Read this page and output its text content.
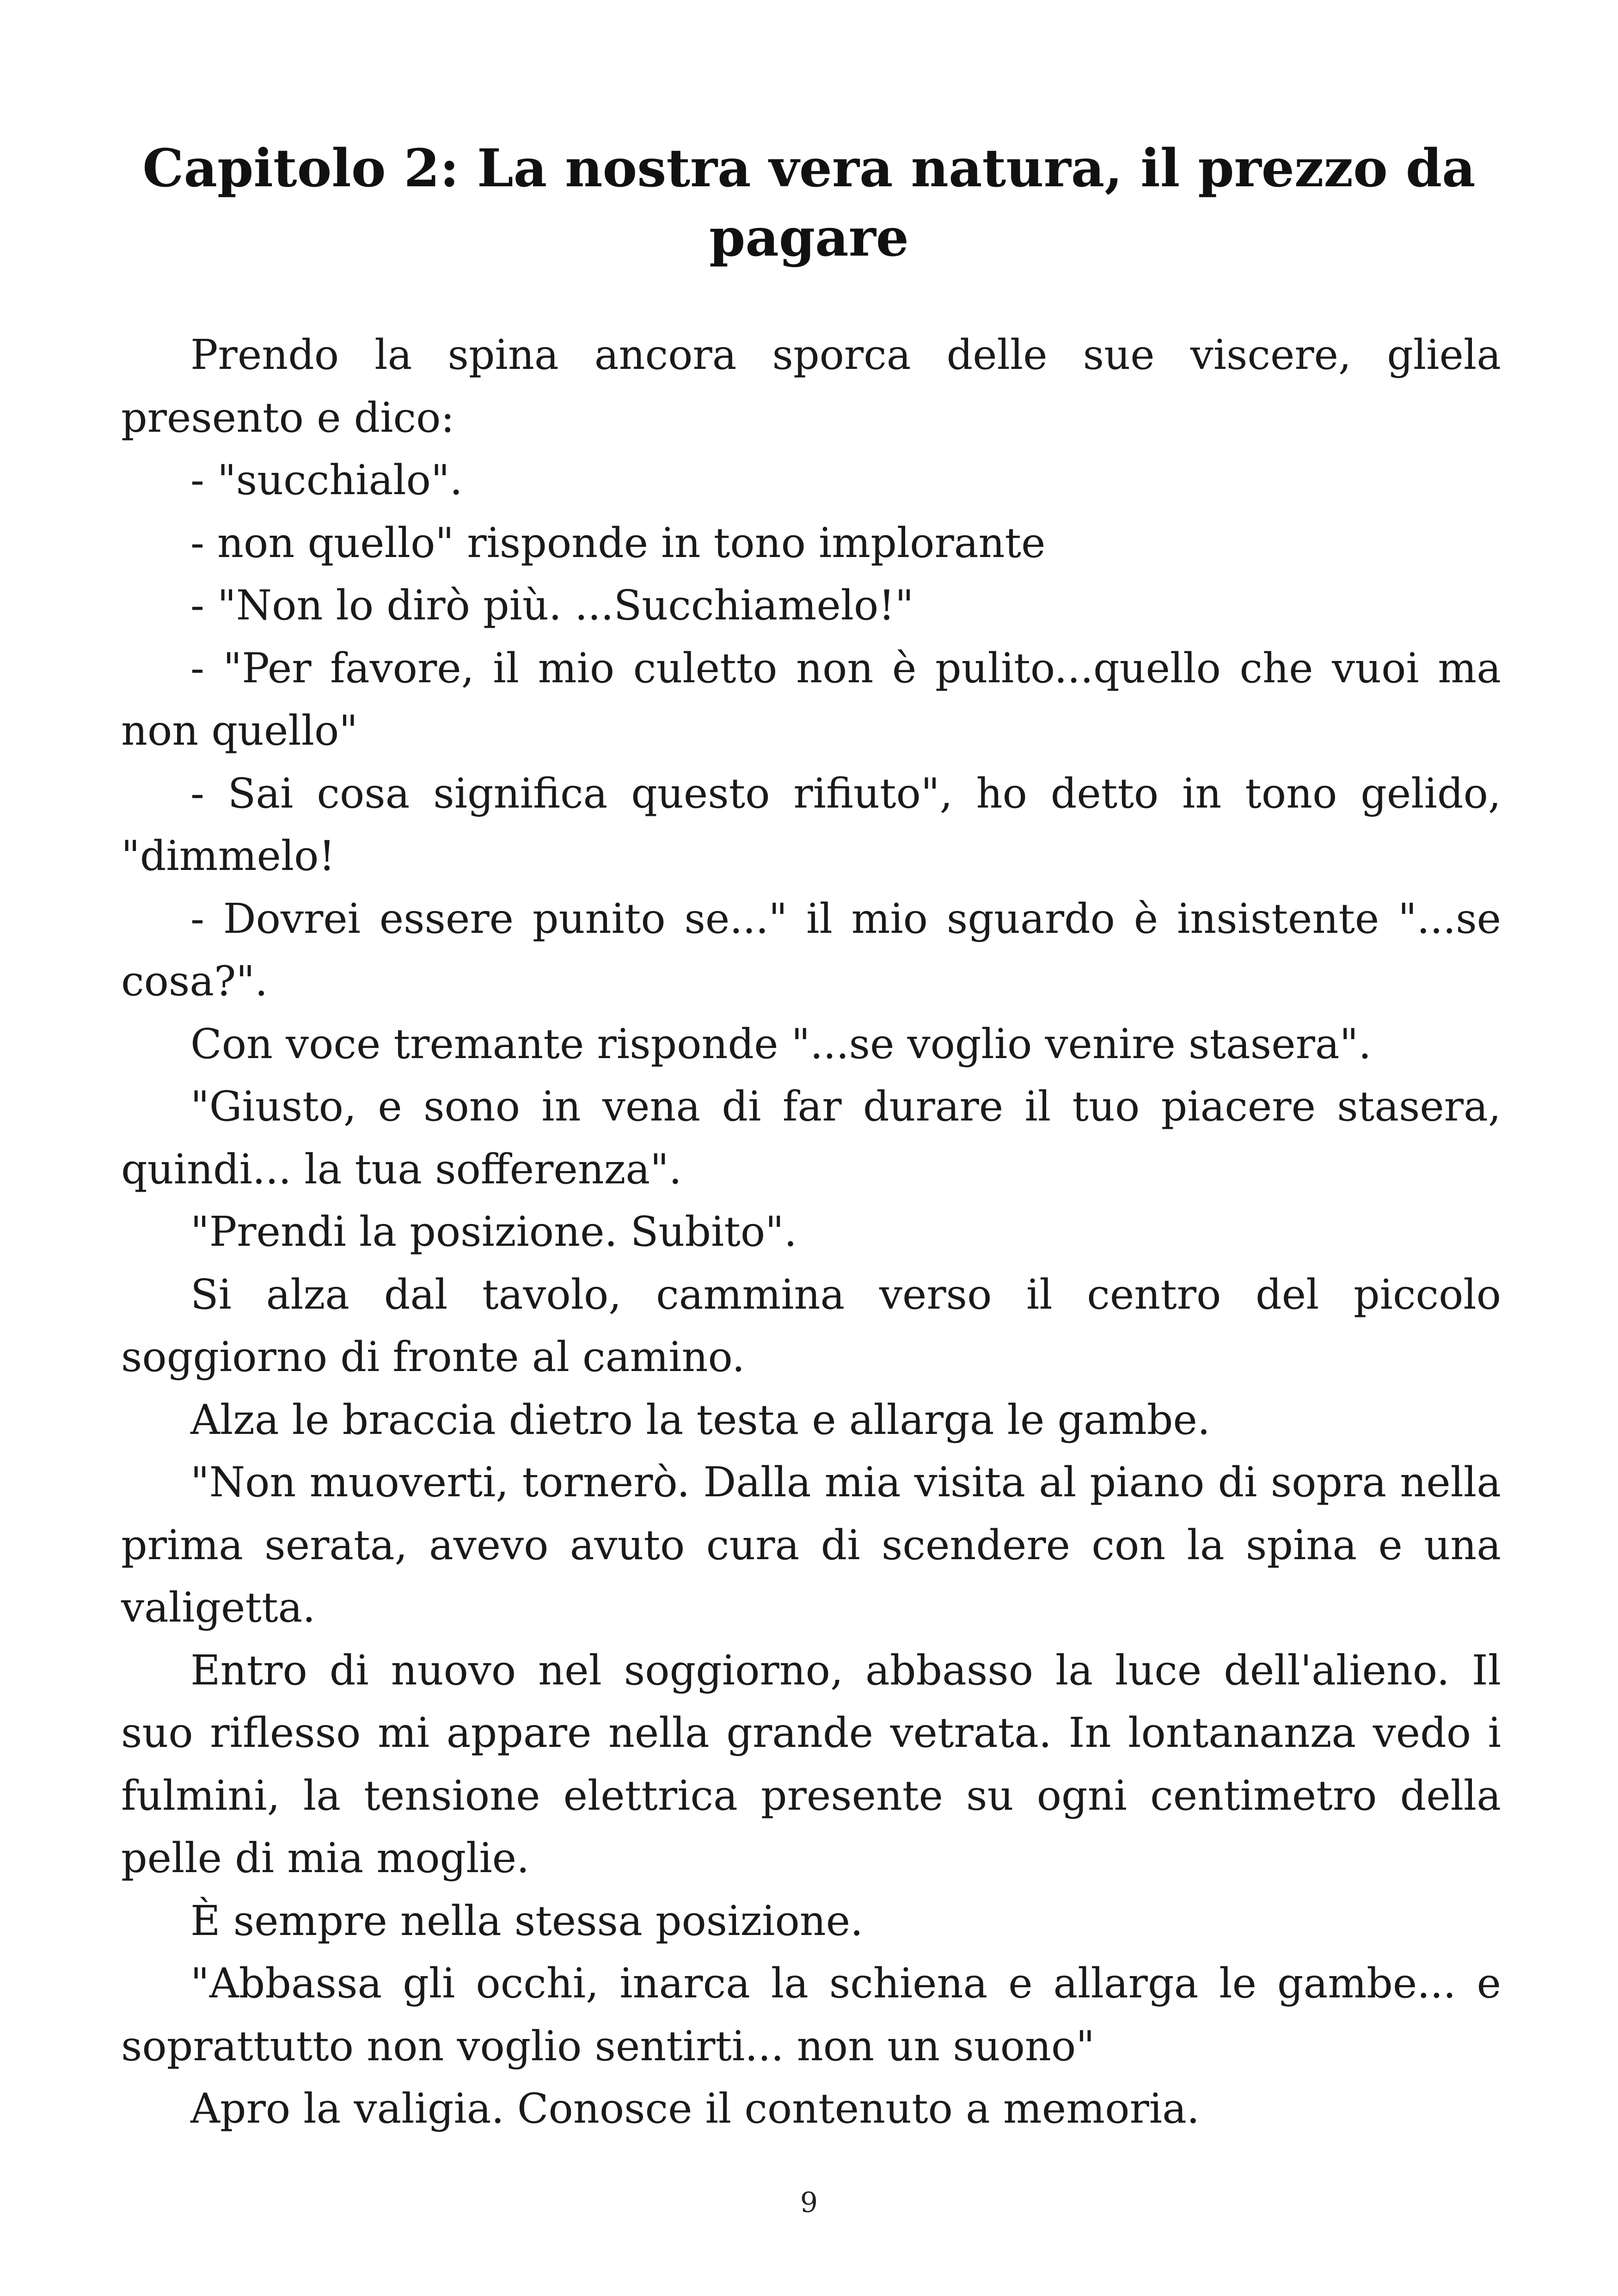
Capitolo 2: La nostra vera natura, il prezzo da pagare

Prendo la spina ancora sporca delle sue viscere, gliela presento e dico:

- "succhialo".

- non quello" risponde in tono implorante

- "Non lo dirò più. ...Succhiamelo!"

- "Per favore, il mio culetto non è pulito...quello che vuoi ma non quello"

- Sai cosa significa questo rifiuto", ho detto in tono gelido, "dimmelo!

- Dovrei essere punito se..." il mio sguardo è insistente "...se cosa?".

Con voce tremante risponde "...se voglio venire stasera".

"Giusto, e sono in vena di far durare il tuo piacere stasera, quindi... la tua sofferenza".

"Prendi la posizione. Subito".

Si alza dal tavolo, cammina verso il centro del piccolo soggiorno di fronte al camino.

Alza le braccia dietro la testa e allarga le gambe.

"Non muoverti, tornerò. Dalla mia visita al piano di sopra nella prima serata, avevo avuto cura di scendere con la spina e una valigetta.

Entro di nuovo nel soggiorno, abbasso la luce dell'alieno. Il suo riflesso mi appare nella grande vetrata. In lontananza vedo i fulmini, la tensione elettrica presente su ogni centimetro della pelle di mia moglie.

È sempre nella stessa posizione.

"Abbassa gli occhi, inarca la schiena e allarga le gambe... e soprattutto non voglio sentirti... non un suono"

Apro la valigia. Conosce il contenuto a memoria.

9
